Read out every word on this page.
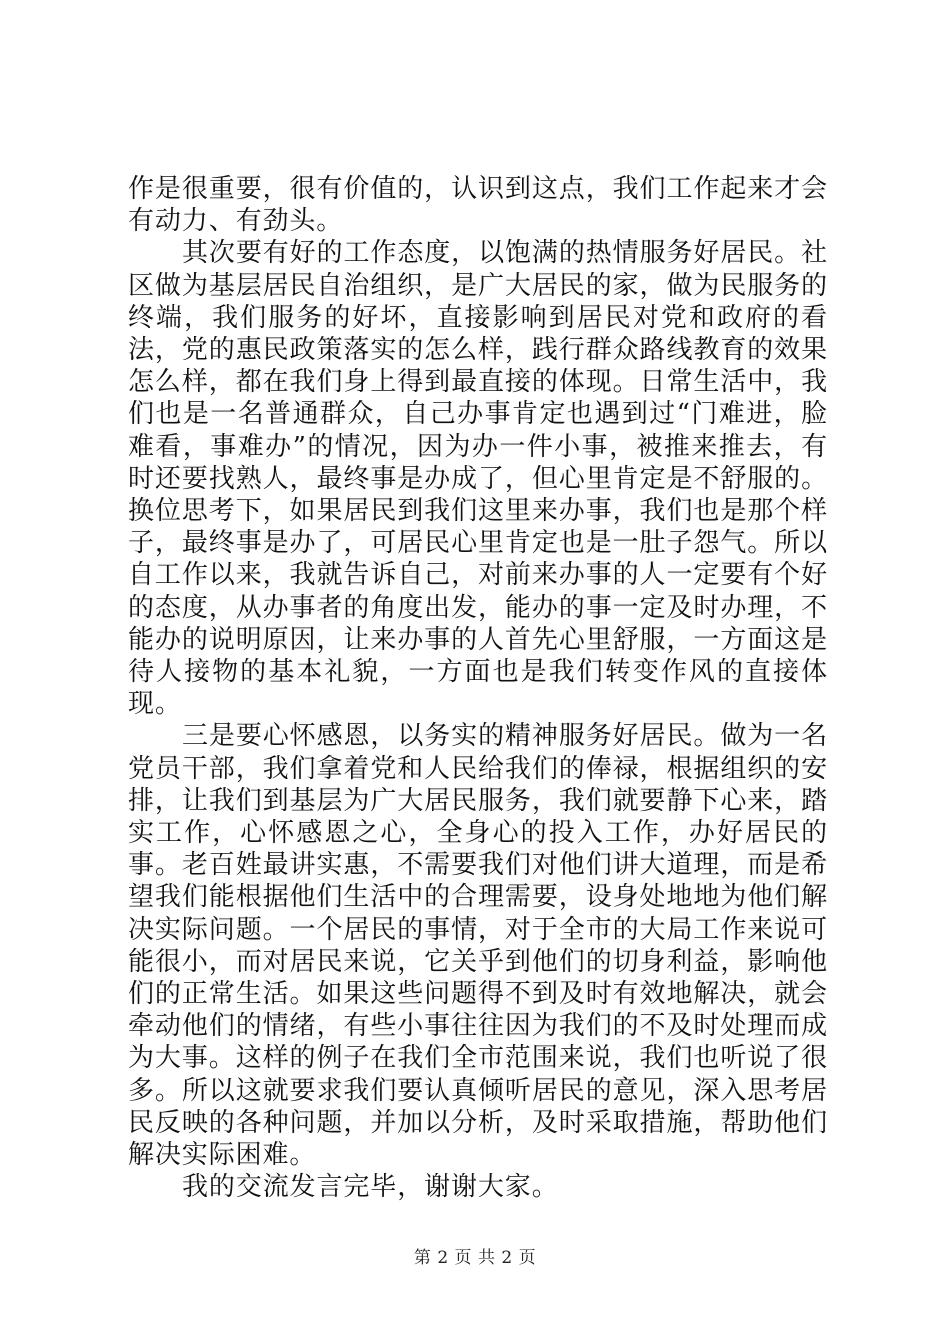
作是很重要，很有价值的，认识到这点，我们工作起来才会有动力、有劲头。

其次要有好的工作态度，以饱满的热情服务好居民。社区做为基层居民自治组织，是广大居民的家，做为民服务的终端，我们服务的好坏，直接影响到居民对党和政府的看法，党的惠民政策落实的怎么样，践行群众路线教育的效果怎么样，都在我们身上得到最直接的体现。日常生活中，我们也是一名普通群众，自己办事肯定也遇到过“门难进，脸难看，事难办”的情况，因为办一件小事，被推来推去，有时还要找熟人，最终事是办成了，但心里肯定是不舒服的。换位思考下，如果居民到我们这里来办事，我们也是那个样子，最终事是办了，可居民心里肯定也是一肚子怨气。所以自工作以来，我就告诉自己，对前来办事的人一定要有个好的态度，从办事者的角度出发，能办的事一定及时办理，不能办的说明原因，让来办事的人首先心里舒服，一方面这是待人接物的基本礼貌，一方面也是我们转变作风的直接体现。

三是要心怀感恩，以务实的精神服务好居民。做为一名党员干部，我们拿着党和人民给我们的俸禄，根据组织的安排，让我们到基层为广大居民服务，我们就要静下心来，踏实工作，心怀感恩之心，全身心的投入工作，办好居民的事。老百姓最讲实惠，不需要我们对他们讲大道理，而是希望我们能根据他们生活中的合理需要，设身处地地为他们解决实际问题。一个居民的事情，对于全市的大局工作来说可能很小，而对居民来说，它关乎到他们的切身利益，影响他们的正常生活。如果这些问题得不到及时有效地解决，就会牵动他们的情绪，有些小事往往因为我们的不及时处理而成为大事。这样的例子在我们全市范围来说，我们也听说了很多。所以这就要求我们要认真倾听居民的意见，深入思考居民反映的各种问题，并加以分析，及时采取措施，帮助他们解决实际困难。

我的交流发言完毕，谢谢大家。

第 2 页 共 2 页
